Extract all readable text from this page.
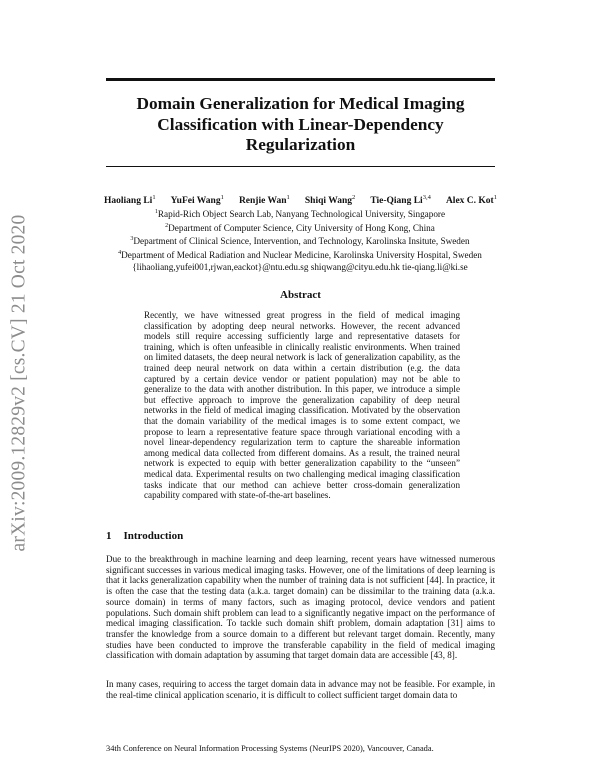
arXiv:2009.12829v2 [cs.CV] 21 Oct 2020
Domain Generalization for Medical Imaging
Classification with Linear-Dependency
Regularization
Haoliang Li$^1$ YuFei Wang$^1$ Renjie Wan$^1$ Shiqi Wang$^2$ Tie-Qiang Li$^{3,4}$ Alex C. Kot$^1$
$^1$Rapid-Rich Object Search Lab, Nanyang Technological University, Singapore
$^2$Department of Computer Science, City University of Hong Kong, China
$^3$Department of Clinical Science, Intervention, and Technology, Karolinska Insitute, Sweden
$^4$Department of Medical Radiation and Nuclear Medicine, Karolinska University Hospital, Sweden
{lihaoliang,yufei001,rjwan,eackot}@ntu.edu.sg shiqwang@cityu.edu.hk tie-qiang.li@ki.se
Abstract

Recently, we have witnessed great progress in the field of medical imaging classification by adopting deep neural networks. However, the recent advanced models still require accessing sufficiently large and representative datasets for training, which is often unfeasible in clinically realistic environments. When trained on limited datasets, the deep neural network is lack of generalization capability, as the trained deep neural network on data within a certain distribution (e.g. the data captured by a certain device vendor or patient population) may not be able to generalize to the data with another distribution. In this paper, we introduce a simple but effective approach to improve the generalization capability of deep neural networks in the field of medical imaging classification. Motivated by the observation that the domain variability of the medical images is to some extent compact, we propose to learn a representative feature space through variational encoding with a novel linear-dependency regularization term to capture the shareable information among medical data collected from different domains. As a result, the trained neural network is expected to equip with better generalization capability to the “unseen” medical data. Experimental results on two challenging medical imaging classification tasks indicate that our method can achieve better cross-domain generalization capability compared with state-of-the-art baselines.

1 Introduction

Due to the breakthrough in machine learning and deep learning, recent years have witnessed numerous significant successes in various medical imaging tasks. However, one of the limitations of deep learning is that it lacks generalization capability when the number of training data is not sufficient [44]. In practice, it is often the case that the testing data (a.k.a. target domain) can be dissimilar to the training data (a.k.a. source domain) in terms of many factors, such as imaging protocol, device vendors and patient populations. Such domain shift problem can lead to a significantly negative impact on the performance of medical imaging classification. To tackle such domain shift problem, domain adaptation [31] aims to transfer the knowledge from a source domain to a different but relevant target domain. Recently, many studies have been conducted to improve the transferable capability in the field of medical imaging classification with domain adaptation by assuming that target domain data are accessible [43, 8].

In many cases, requiring to access the target domain data in advance may not be feasible. For example, in the real-time clinical application scenario, it is difficult to collect sufficient target domain data to

34th Conference on Neural Information Processing Systems (NeurIPS 2020), Vancouver, Canada.
